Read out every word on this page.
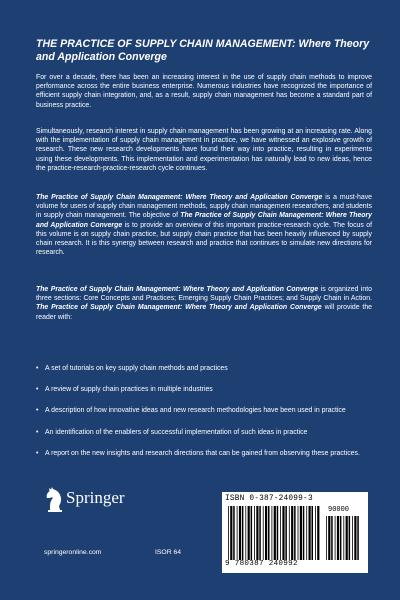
THE PRACTICE OF SUPPLY CHAIN MANAGEMENT: Where Theory and Application Converge

For over a decade, there has been an increasing interest in the use of supply chain methods to improve performance across the entire business enterprise. Numerous industries have recognized the importance of efficient supply chain integration, and, as a result, supply chain management has become a standard part of business practice.

Simultaneously, research interest in supply chain management has been growing at an increasing rate. Along with the implementation of supply chain management in practice, we have witnessed an explosive growth of research. These new research developments have found their way into practice, resulting in experiments using these developments. This implementation and experimentation has naturally lead to new ideas, hence the practice-research-practice-research cycle continues.

The Practice of Supply Chain Management: Where Theory and Application Converge is a must-have volume for users of supply chain management methods, supply chain management researchers, and students in supply chain management. The objective of The Practice of Supply Chain Management: Where Theory and Application Converge is to provide an overview of this important practice-research cycle. The focus of this volume is on supply chain practice, but supply chain practice that has been heavily influenced by supply chain research. It is this synergy between research and practice that continues to simulate new directions for research.

The Practice of Supply Chain Management: Where Theory and Application Converge is organized into three sections: Core Concepts and Practices; Emerging Supply Chain Practices; and Supply Chain in Action. The Practice of Supply Chain Management: Where Theory and Application Converge will provide the reader with:

• A set of tutorials on key supply chain methods and practices
• A review of supply chain practices in multiple industries
• A description of how innovative ideas and new research methodologies have been used in practice
• An identification of the enablers of successful implementation of such ideas in practice
• A report on the new insights and research directions that can be gained from observing these practices.
Springer
springeronline.com	ISOR 64
ISBN 0-387-24099-3
90000
9 780387 240992
